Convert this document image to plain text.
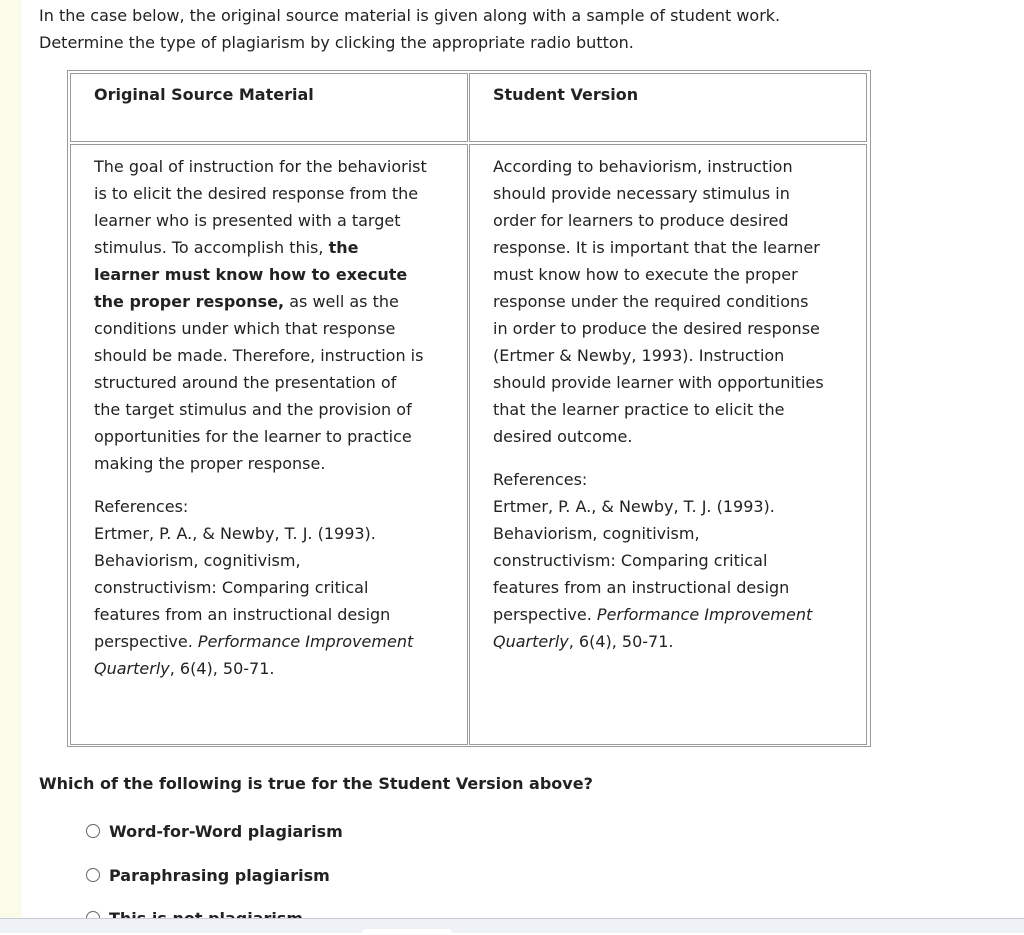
In the case below, the original source material is given along with a sample of student work.
Determine the type of plagiarism by clicking the appropriate radio button.
Original Source Material	Student Version
The goal of instruction for the behaviorist
is to elicit the desired response from the
learner who is presented with a target
stimulus. To accomplish this, the
learner must know how to execute
the proper response, as well as the
conditions under which that response
should be made. Therefore, instruction is
structured around the presentation of
the target stimulus and the provision of
opportunities for the learner to practice
making the proper response.
References:
Ertmer, P. A., & Newby, T. J. (1993).
Behaviorism, cognitivism,
constructivism: Comparing critical
features from an instructional design
perspective. Performance Improvement
Quarterly, 6(4), 50-71.
According to behaviorism, instruction
should provide necessary stimulus in
order for learners to produce desired
response. It is important that the learner
must know how to execute the proper
response under the required conditions
in order to produce the desired response
(Ertmer & Newby, 1993). Instruction
should provide learner with opportunities
that the learner practice to elicit the
desired outcome.
References:
Ertmer, P. A., & Newby, T. J. (1993).
Behaviorism, cognitivism,
constructivism: Comparing critical
features from an instructional design
perspective. Performance Improvement
Quarterly, 6(4), 50-71.
Which of the following is true for the Student Version above?
Word-for-Word plagiarism
Paraphrasing plagiarism
